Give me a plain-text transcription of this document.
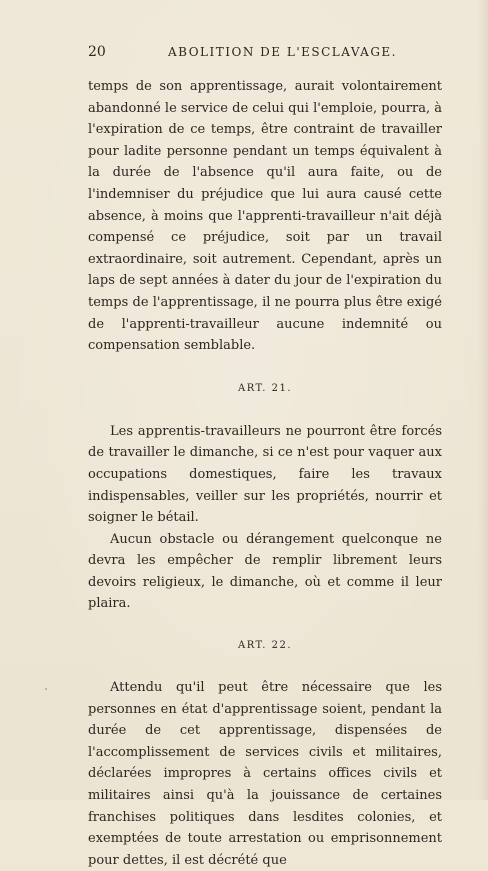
20	ABOLITION DE L'ESCLAVAGE.

temps de son apprentissage, aurait volontairement abandonné le service de celui qui l'emploie, pourra, à l'expiration de ce temps, être contraint de travailler pour ladite personne pendant un temps équivalent à la durée de l'absence qu'il aura faite, ou de l'indemniser du préjudice que lui aura causé cette absence, à moins que l'apprenti-travailleur n'ait déjà compensé ce préjudice, soit par un travail extraordinaire, soit autrement. Cependant, après un laps de sept années à dater du jour de l'expiration du temps de l'apprentissage, il ne pourra plus être exigé de l'apprenti-travailleur aucune indemnité ou compensation semblable.

ART. 21.

Les apprentis-travailleurs ne pourront être forcés de travailler le dimanche, si ce n'est pour vaquer aux occupations domestiques, faire les travaux indispensables, veiller sur les propriétés, nourrir et soigner le bétail.

Aucun obstacle ou dérangement quelconque ne devra les empêcher de remplir librement leurs devoirs religieux, le dimanche, où et comme il leur plaira.

ART. 22.

Attendu qu'il peut être nécessaire que les personnes en état d'apprentissage soient, pendant la durée de cet apprentissage, dispensées de l'accomplissement de services civils et militaires, déclarées impropres à certains offices civils et militaires ainsi qu'à la jouissance de certaines franchises politiques dans lesdites colonies, et exemptées de toute arrestation ou emprisonnement pour dettes, il est décrété que
